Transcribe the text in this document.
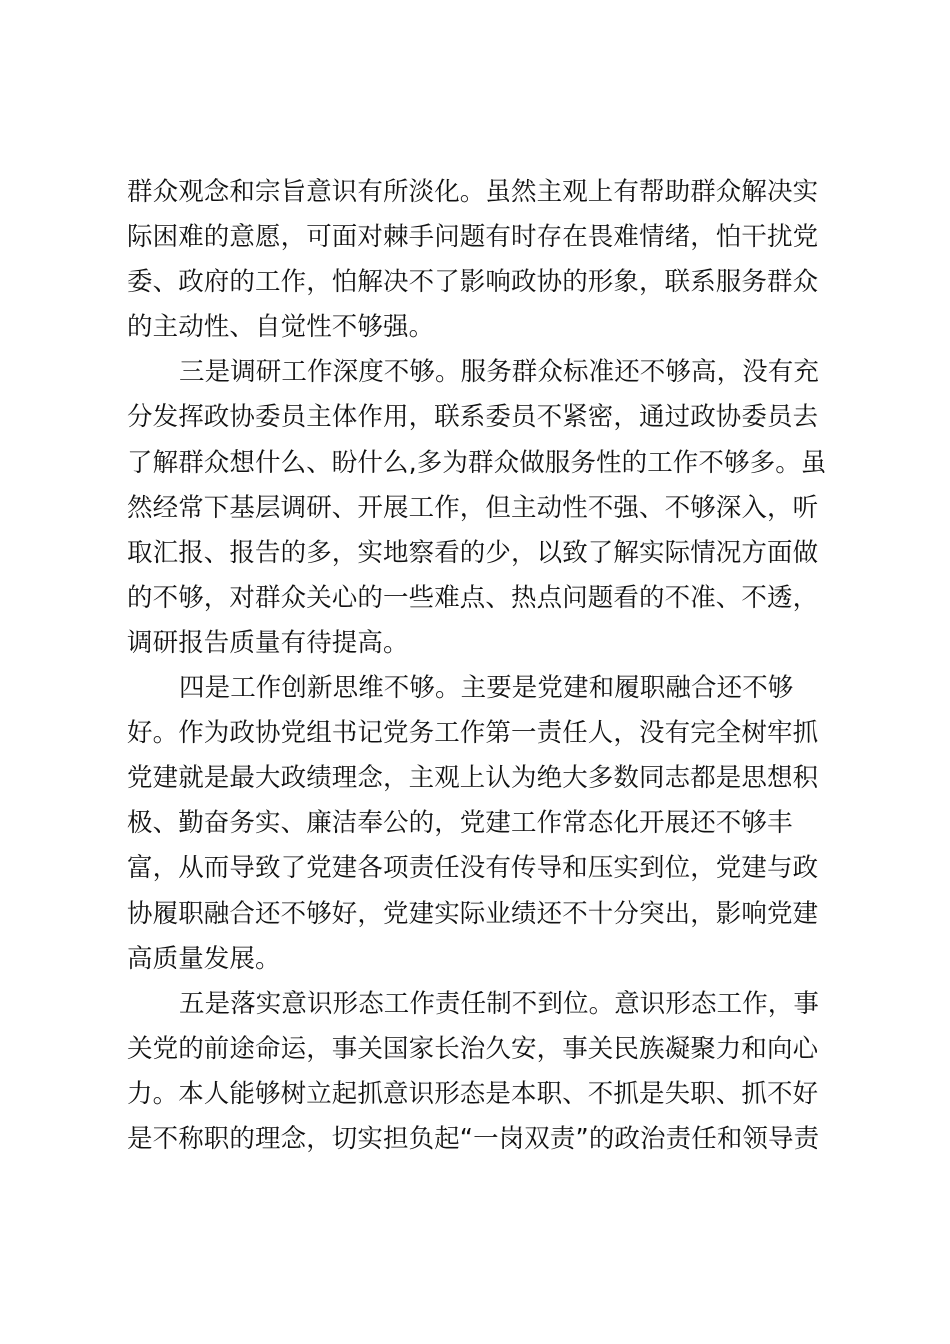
群众观念和宗旨意识有所淡化。虽然主观上有帮助群众解决实
际困难的意愿，可面对棘手问题有时存在畏难情绪，怕干扰党
委、政府的工作，怕解决不了影响政协的形象，联系服务群众
的主动性、自觉性不够强。
三是调研工作深度不够。服务群众标准还不够高，没有充
分发挥政协委员主体作用，联系委员不紧密，通过政协委员去
了解群众想什么、盼什么,多为群众做服务性的工作不够多。虽
然经常下基层调研、开展工作，但主动性不强、不够深入，听
取汇报、报告的多，实地察看的少，以致了解实际情况方面做
的不够，对群众关心的一些难点、热点问题看的不准、不透，
调研报告质量有待提高。
四是工作创新思维不够。主要是党建和履职融合还不够
好。作为政协党组书记党务工作第一责任人，没有完全树牢抓
党建就是最大政绩理念，主观上认为绝大多数同志都是思想积
极、勤奋务实、廉洁奉公的，党建工作常态化开展还不够丰
富，从而导致了党建各项责任没有传导和压实到位，党建与政
协履职融合还不够好，党建实际业绩还不十分突出，影响党建
高质量发展。
五是落实意识形态工作责任制不到位。意识形态工作，事
关党的前途命运，事关国家长治久安，事关民族凝聚力和向心
力。本人能够树立起抓意识形态是本职、不抓是失职、抓不好
是不称职的理念，切实担负起“一岗双责”的政治责任和领导责
